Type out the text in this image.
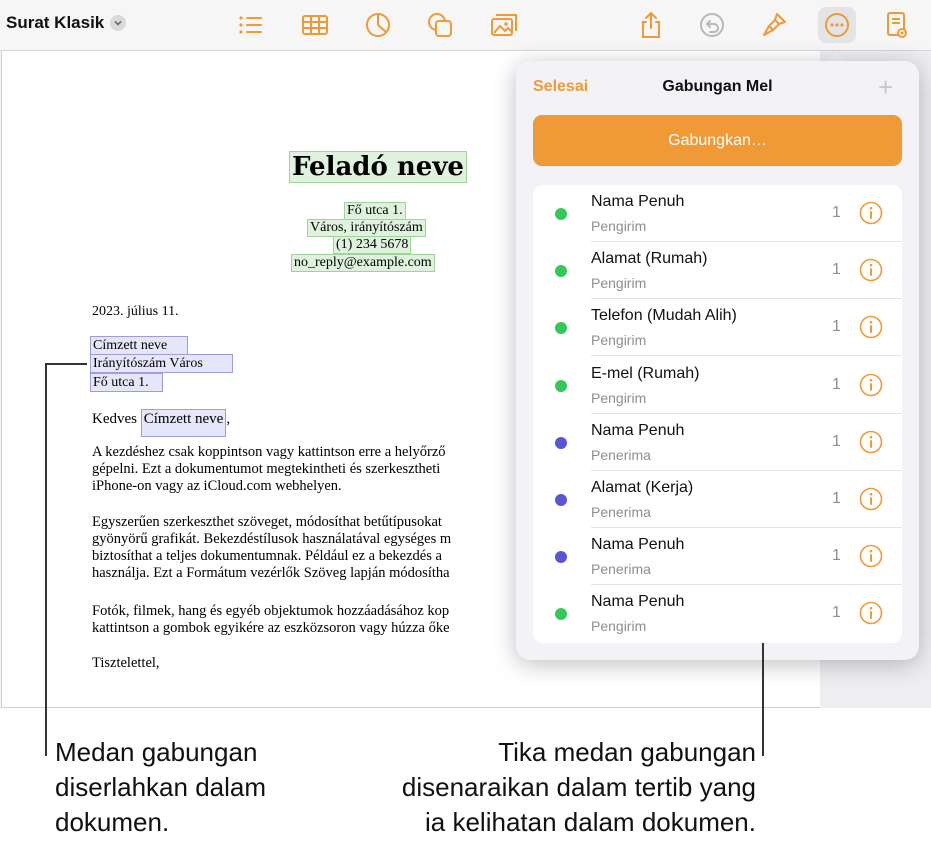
Surat Klasik
Feladó neve
Fő utca 1.
Város, irányítószám
(1) 234 5678
no_reply@example.com
2023. július 11.
Címzett neve
Irányítószám Város
Fő utca 1.
Kedves Címzett neve ,
A kezdéshez csak koppintson vagy kattintson erre a helyőrző
gépelni. Ezt a dokumentumot megtekintheti és szerkesztheti
iPhone-on vagy az iCloud.com webhelyen.
Egyszerűen szerkeszthet szöveget, módosíthat betűtípusokat
gyönyörű grafikát. Bekezdéstílusok használatával egységes m
biztosíthat a teljes dokumentumnak. Például ez a bekezdés a
használja. Ezt a Formátum vezérlők Szöveg lapján módosítha
Fotók, filmek, hang és egyéb objektumok hozzáadásához kop
kattintson a gombok egyikére az eszközsoron vagy húzza őke
Tisztelettel,
Gabungan Mel
Selesai	+
Gabungkan…
Nama Penuh
Pengirim
1
Alamat (Rumah)
Pengirim
1
Telefon (Mudah Alih)
Pengirim
1
E-mel (Rumah)
Pengirim
1
Nama Penuh
Penerima
1
Alamat (Kerja)
Penerima
1
Nama Penuh
Penerima
1
Nama Penuh
Pengirim
1
Medan gabungan
diserlahkan dalam
dokumen.
Tika medan gabungan
disenaraikan dalam tertib yang
ia kelihatan dalam dokumen.
